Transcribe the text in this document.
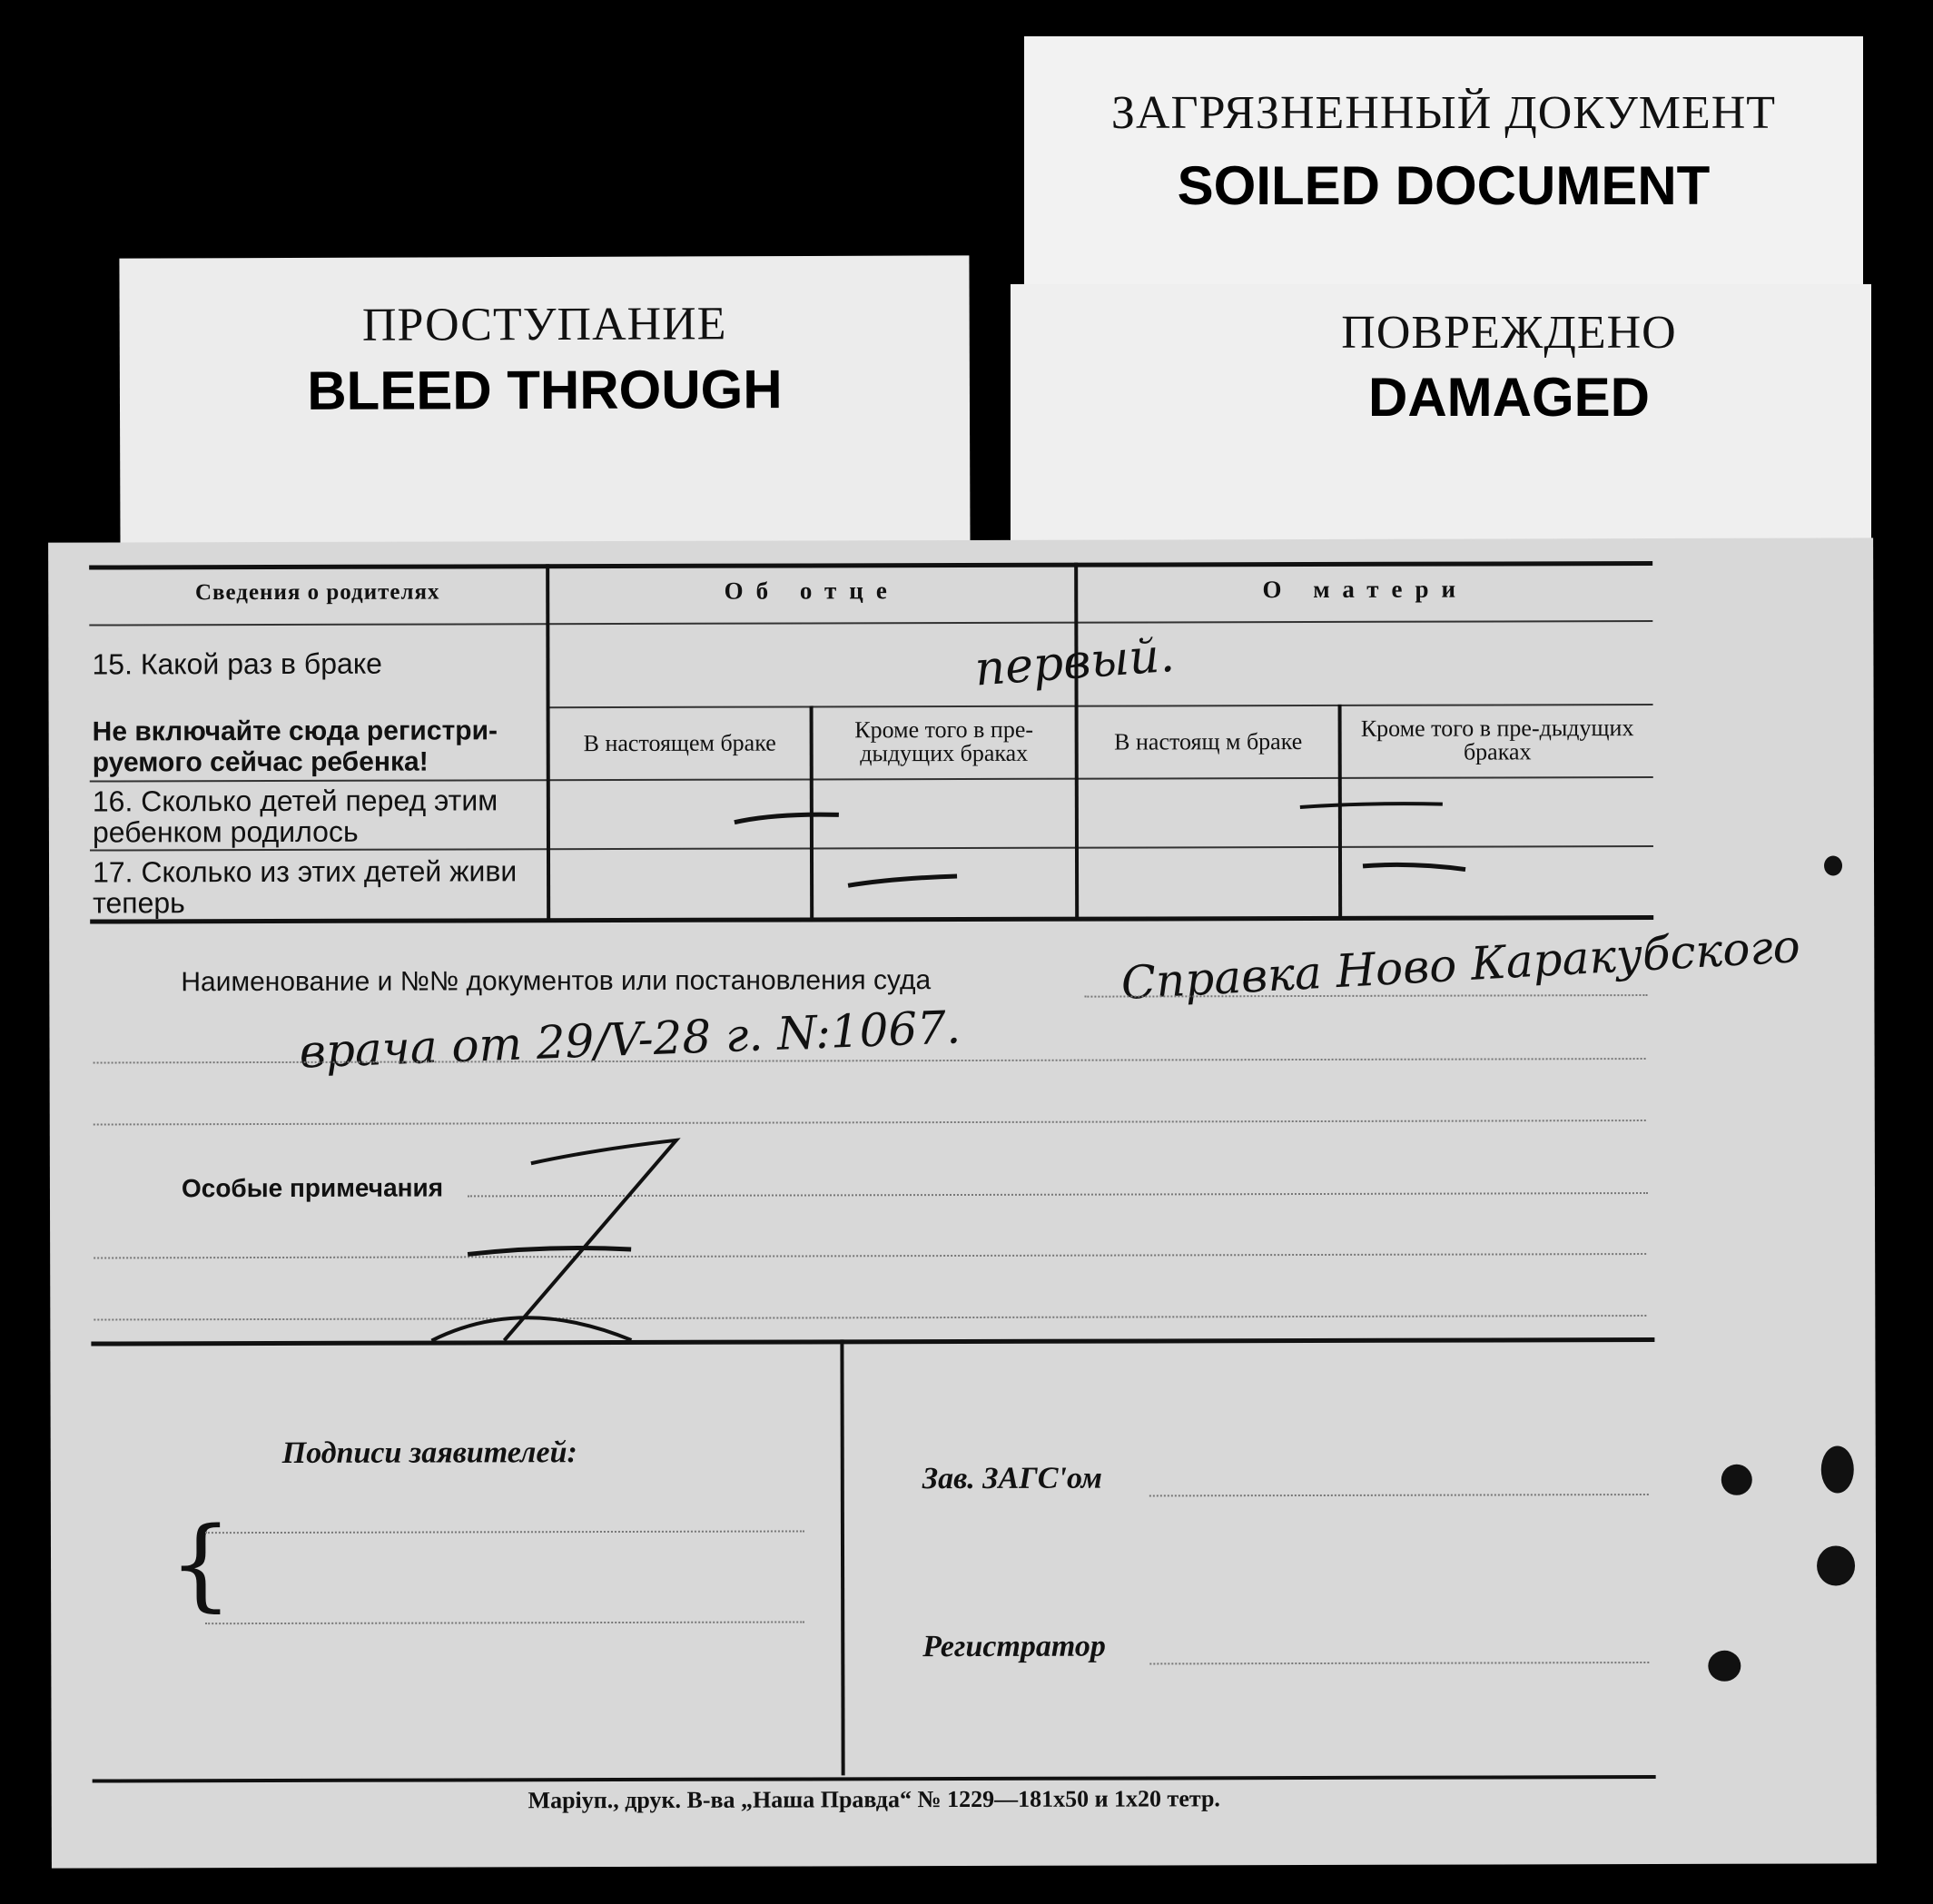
ЗАГРЯЗНЕННЫЙ ДОКУМЕНТ
SOILED DOCUMENT
ПРОСТУПАНИЕ
BLEED THROUGH
ПОВРЕЖДЕНО
DAMAGED
Сведения о родителях	Об отце	О матери
15. Какой раз в браке	первый.
Не включайте сюда регистри-руемого сейчас ребенка!
В настоящем браке	Кроме того в пре-дыдущих браках	В настоящ м браке	Кроме того в пре-дыдущих браках
16. Сколько детей перед этим ребенком родилось
17. Сколько из этих детей живи теперь
Наименование и №№ документов или постановления суда	Справка Ново Каракубского
врача от 29/V-28 г. N:1067.
Особые примечания
Подписи заявителей:
{
Зав. ЗАГС'ом
Регистратор
Маріуп., друк. В-ва „Наша Правда“ № 1229—181х50 и 1х20 тетр.
